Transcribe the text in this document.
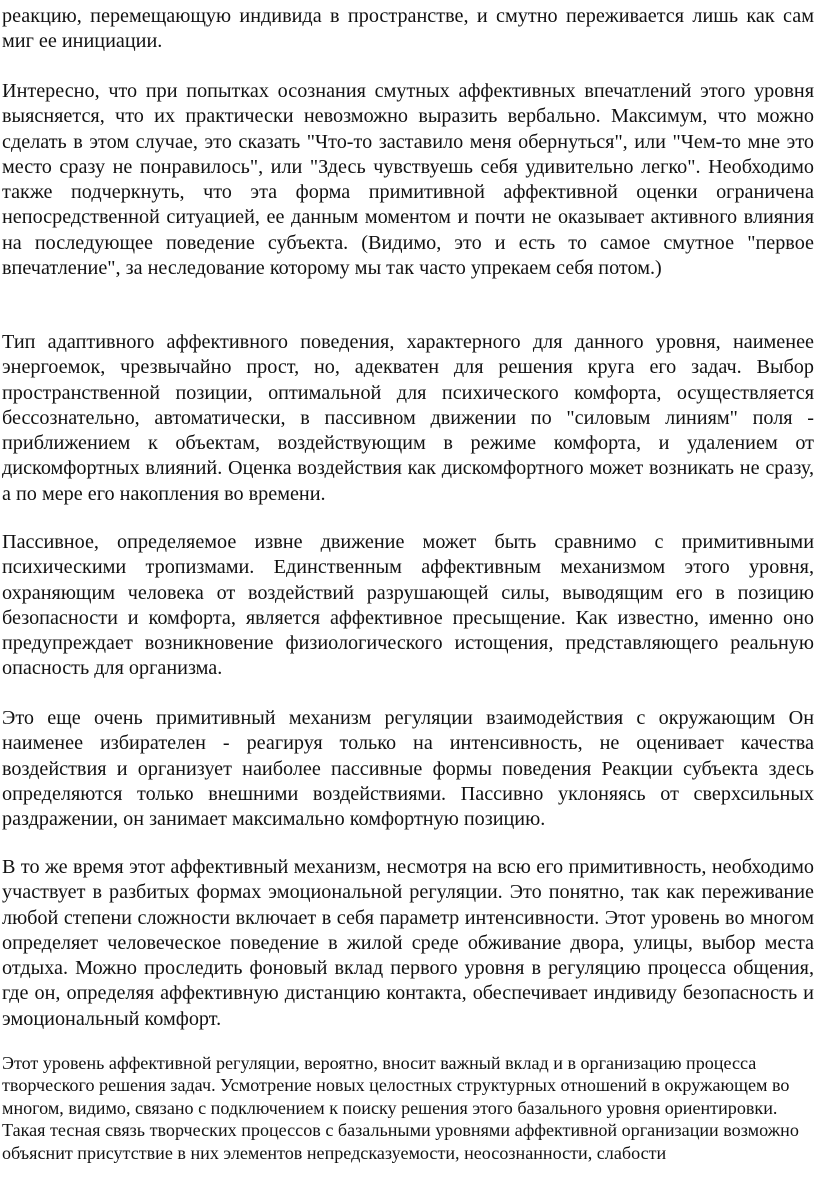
реакцию, перемещающую индивида в пространстве, и смутно переживается лишь как сам миг ее инициации.

Интересно, что при попытках осознания смутных аффективных впечатлений этого уровня выясняется, что их практически невозможно выразить вербально. Максимум, что можно сделать в этом случае, это сказать "Что-то заставило меня обернуться", или "Чем-то мне это место сразу не понравилось", или "Здесь чувствуешь себя удивительно легко". Необходимо также подчеркнуть, что эта форма примитивной аффективной оценки ограничена непосредственной ситуацией, ее данным моментом и почти не оказывает активного влияния на последующее поведение субъекта. (Видимо, это и есть то самое смутное "первое впечатление", за неследование которому мы так часто упрекаем себя потом.)

Тип адаптивного аффективного поведения, характерного для данного уровня, наименее энергоемок, чрезвычайно прост, но, адекватен для решения круга его задач. Выбор пространственной позиции, оптимальной для психического комфорта, осуществляется бессознательно, автоматически, в пассивном движении по "силовым линиям" поля - приближением к объектам, воздействующим в режиме комфорта, и удалением от дискомфортных влияний. Оценка воздействия как дискомфортного может возникать не сразу, а по мере его накопления во времени.

Пассивное, определяемое извне движение может быть сравнимо с примитивными психическими тропизмами. Единственным аффективным механизмом этого уровня, охраняющим человека от воздействий разрушающей силы, выводящим его в позицию безопасности и комфорта, является аффективное пресыщение. Как известно, именно оно предупреждает возникновение физиологического истощения, представляющего реальную опасность для организма.

Это еще очень примитивный механизм регуляции взаимодействия с окружающим Он наименее избирателен - реагируя только на интенсивность, не оценивает качества воздействия и организует наиболее пассивные формы поведения Реакции субъекта здесь определяются только внешними воздействиями. Пассивно уклоняясь от сверхсильных раздражении, он занимает максимально комфортную позицию.

В то же время этот аффективный механизм, несмотря на всю его примитивность, необходимо участвует в разбитых формах эмоциональной регуляции. Это понятно, так как переживание любой степени сложности включает в себя параметр интенсивности. Этот уровень во многом определяет человеческое поведение в жилой среде обживание двора, улицы, выбор места отдыха. Можно проследить фоновый вклад первого уровня в регуляцию процесса общения, где он, определяя аффективную дистанцию контакта, обеспечивает индивиду безопасность и эмоциональный комфорт.

Этот уровень аффективной регуляции, вероятно, вносит важный вклад и в организацию процесса творческого решения задач. Усмотрение новых целостных структурных отношений в окружающем во многом, видимо, связано с подключением к поиску решения этого базального уровня ориентировки. Такая тесная связь творческих процессов с базальными уровнями аффективной организации возможно объяснит присутствие в них элементов непредсказуемости, неосознанности, слабости
